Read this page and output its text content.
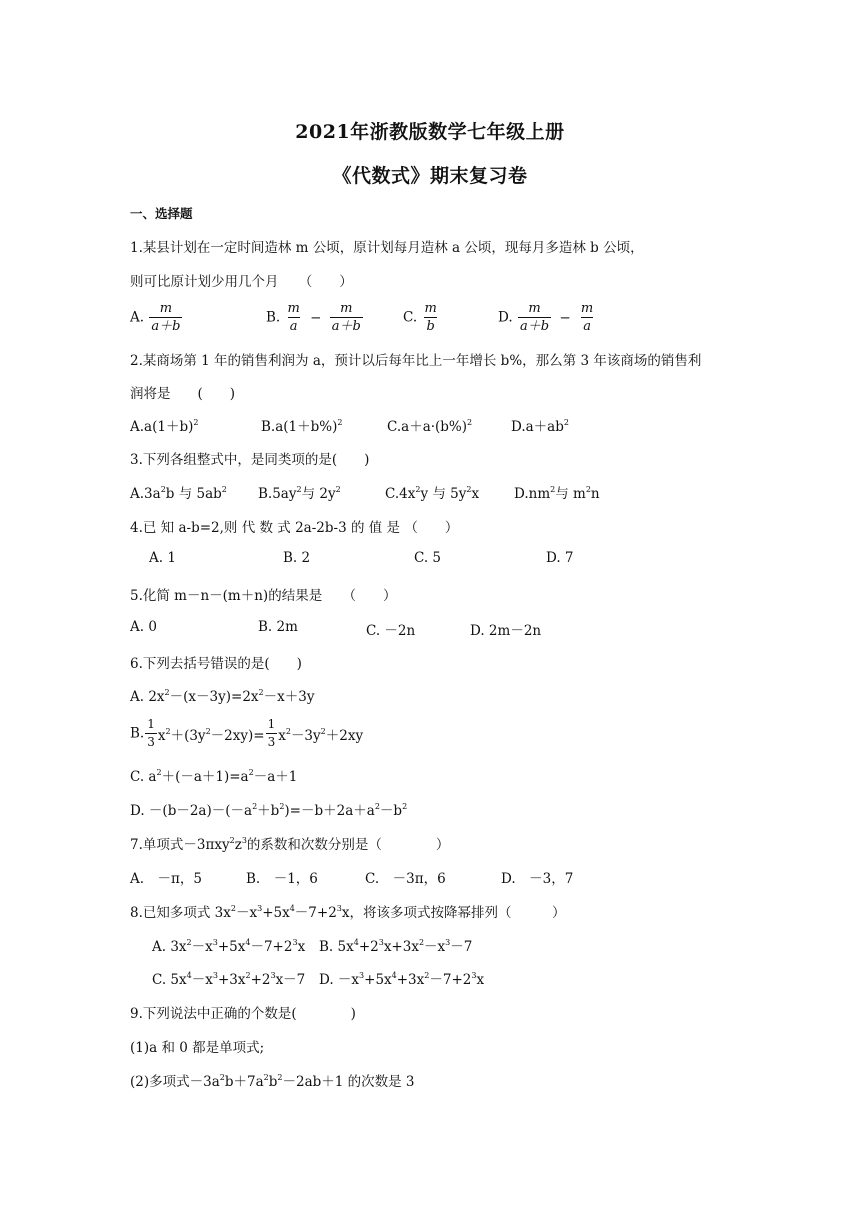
2021年浙教版数学七年级上册
《代数式》期末复习卷
一、选择题
1.某县计划在一定时间造林 m 公顷，原计划每月造林 a 公顷，现每月多造林 b 公顷，
则可比原计划少用几个月　　（　　）
A. $\frac{m}{a+b}$	B. $\frac{m}{a} - \frac{m}{a+b}$	C. $\frac{m}{b}$	D. $\frac{m}{a+b} - \frac{m}{a}$
2.某商场第 1 年的销售利润为 a，预计以后每年比上一年增长 b%，那么第 3 年该商场的销售利
润将是　　(　　)
$A.a(1+b)^2$	$B.a(1+b\%)^2$	$C.a+a\cdot(b\%)^2$	$D.a+ab^2$
3.下列各组整式中，是同类项的是(　　)
$A.3a^2b$ 与 $5ab^2$ $B.5ay^2$与 $2y^2$	$C.4x^2y$ 与 $5y^2x$	$D.nm^2$与 $m^2n$
4.已 知 a-b=2,则 代 数 式 2a-2b-3 的 值 是 （　　）
A. 1	B. 2	C. 5	D. 7
5.化简 m－n－(m＋n)的结果是　　（　　）
A. 0	B. 2m	C. －2n	D. 2m－2n
6.下列去括号错误的是(　　)
A. $2x^2-(x-3y)=2x^2-x+3y$
B. $\frac{1}{3} x^2+(3y^2-2xy)= \frac{1}{3} x^2-3y^2+2xy$
C. $a^2+(-a+1)=a^2-a+1$
D. $-(b-2a)-(-a^2+b^2)=-b+2a+a^2-b^2$
7.单项式$-3\pi xy^2z^3$的系数和次数分别是（　　　　）
A.　－π，5	B.　－1，6	C.　－3π，6	D.　－3，7
8.已知多项式 $3x^2-x^3+5x^4-7+2^3x$，将该多项式按降幂排列（　　　）
A. $3x^2-x^3+5x^4-7+2^3x$ B. $5x^4+2^3x+3x^2-x^3-7$
C. $5x^4-x^3+3x^2+2^3x-7$ D. $-x^3+5x^4+3x^2-7+2^3x$
9.下列说法中正确的个数是(　　　　)
(1)a 和 0 都是单项式;
(2)多项式$-3a^2b+7a^2b^2-2ab+1$ 的次数是 3
